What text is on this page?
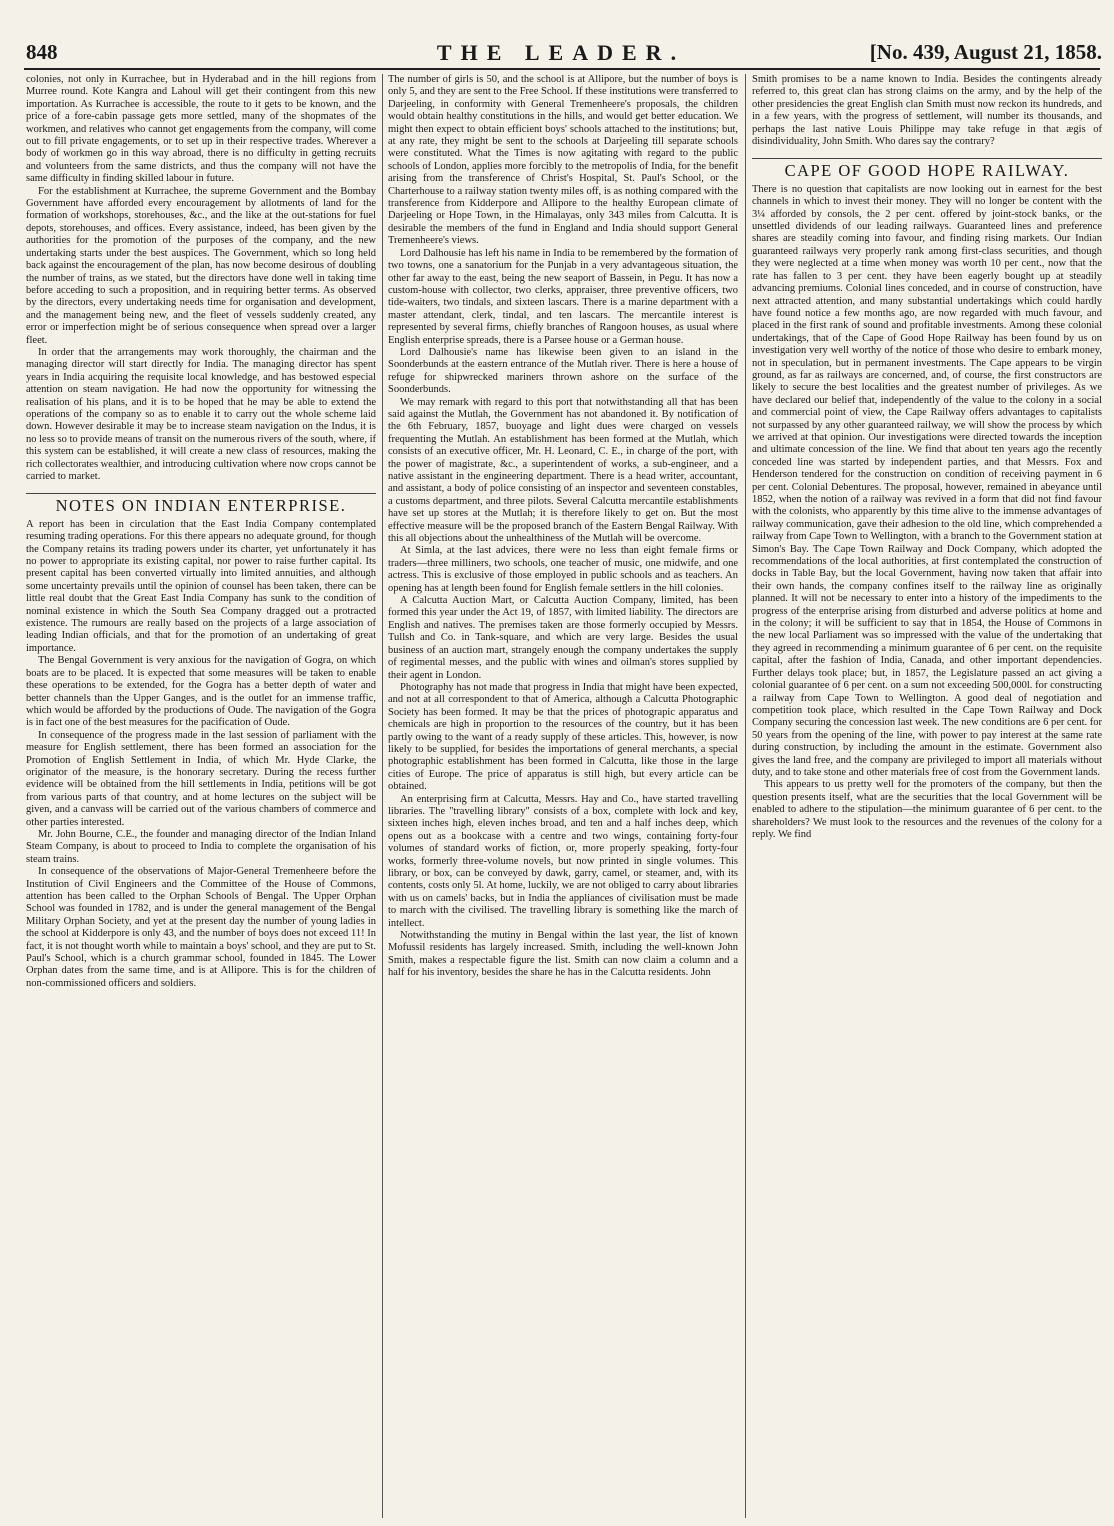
848	THE LEADER.	[No. 439, August 21, 1858.

colonies, not only in Kurrachee, but in Hyderabad and in the hill regions from Murree round. Kote Kangra and Lahoul will get their contingent from this new importation. As Kurrachee is accessible, the route to it gets to be known, and the price of a fore-cabin passage gets more settled, many of the shopmates of the workmen, and relatives who cannot get engagements from the company, will come out to fill private engagements, or to set up in their respective trades. Wherever a body of workmen go in this way abroad, there is no difficulty in getting recruits and volunteers from the same districts, and thus the company will not have the same difficulty in finding skilled labour in future.

For the establishment at Kurrachee, the supreme Government and the Bombay Government have afforded every encouragement by allotments of land for the formation of workshops, storehouses, &c., and the like at the out-stations for fuel depots, storehouses, and offices. Every assistance, indeed, has been given by the authorities for the promotion of the purposes of the company, and the new undertaking starts under the best auspices. The Government, which so long held back against the encouragement of the plan, has now become desirous of doubling the number of trains, as we stated, but the directors have done well in taking time before acceding to such a proposition, and in requiring better terms. As observed by the directors, every undertaking needs time for organisation and development, and the management being new, and the fleet of vessels suddenly created, any error or imperfection might be of serious consequence when spread over a larger fleet.

In order that the arrangements may work thoroughly, the chairman and the managing director will start directly for India. The managing director has spent years in India acquiring the requisite local knowledge, and has bestowed especial attention on steam navigation. He had now the opportunity for witnessing the realisation of his plans, and it is to be hoped that he may be able to extend the operations of the company so as to enable it to carry out the whole scheme laid down. However desirable it may be to increase steam navigation on the Indus, it is no less so to provide means of transit on the numerous rivers of the south, where, if this system can be established, it will create a new class of resources, making the rich collectorates wealthier, and introducing cultivation where now crops cannot be carried to market.

NOTES ON INDIAN ENTERPRISE.

A report has been in circulation that the East India Company contemplated resuming trading operations. For this there appears no adequate ground, for though the Company retains its trading powers under its charter, yet unfortunately it has no power to appropriate its existing capital, nor power to raise further capital. Its present capital has been converted virtually into limited annuities, and although some uncertainty prevails until the opinion of counsel has been taken, there can be little real doubt that the Great East India Company has sunk to the condition of nominal existence in which the South Sea Company dragged out a protracted existence. The rumours are really based on the projects of a large association of leading Indian officials, and that for the promotion of an undertaking of great importance.

The Bengal Government is very anxious for the navigation of Gogra, on which boats are to be placed. It is expected that some measures will be taken to enable these operations to be extended, for the Gogra has a better depth of water and better channels than the Upper Ganges, and is the outlet for an immense traffic, which would be afforded by the productions of Oude. The navigation of the Gogra is in fact one of the best measures for the pacification of Oude.

In consequence of the progress made in the last session of parliament with the measure for English settlement, there has been formed an association for the Promotion of English Settlement in India, of which Mr. Hyde Clarke, the originator of the measure, is the honorary secretary. During the recess further evidence will be obtained from the hill settlements in India, petitions will be got from various parts of that country, and at home lectures on the subject will be given, and a canvass will be carried out of the various chambers of commerce and other parties interested.

Mr. John Bourne, C.E., the founder and managing director of the Indian Inland Steam Company, is about to proceed to India to complete the organisation of his steam trains.

In consequence of the observations of Major-General Tremenheere before the Institution of Civil Engineers and the Committee of the House of Commons, attention has been called to the Orphan Schools of Bengal. The Upper Orphan School was founded in 1782, and is under the general management of the Bengal Military Orphan Society, and yet at the present day the number of young ladies in the school at Kidderpore is only 43, and the number of boys does not exceed 11! In fact, it is not thought worth while to maintain a boys' school, and they are put to St. Paul's School, which is a church grammar school, founded in 1845. The Lower Orphan dates from the same time, and is at Allipore. This is for the children of non-commissioned officers and soldiers.

The number of girls is 50, and the school is at Allipore, but the number of boys is only 5, and they are sent to the Free School. If these institutions were transferred to Darjeeling, in conformity with General Tremenheere's proposals, the children would obtain healthy constitutions in the hills, and would get better education. We might then expect to obtain efficient boys' schools attached to the institutions; but, at any rate, they might be sent to the schools at Darjeeling till separate schools were constituted. What the Times is now agitating with regard to the public schools of London, applies more forcibly to the metropolis of India, for the benefit arising from the transference of Christ's Hospital, St. Paul's School, or the Charterhouse to a railway station twenty miles off, is as nothing compared with the transference from Kidderpore and Allipore to the healthy European climate of Darjeeling or Hope Town, in the Himalayas, only 343 miles from Calcutta. It is desirable the members of the fund in England and India should support General Tremenheere's views.

Lord Dalhousie has left his name in India to be remembered by the formation of two towns, one a sanatorium for the Punjab in a very advantageous situation, the other far away to the east, being the new seaport of Bassein, in Pegu. It has now a custom-house with collector, two clerks, appraiser, three preventive officers, two tide-waiters, two tindals, and sixteen lascars. There is a marine department with a master attendant, clerk, tindal, and ten lascars. The mercantile interest is represented by several firms, chiefly branches of Rangoon houses, as usual where English enterprise spreads, there is a Parsee house or a German house.

Lord Dalhousie's name has likewise been given to an island in the Soonderbunds at the eastern entrance of the Mutlah river. There is here a house of refuge for shipwrecked mariners thrown ashore on the surface of the Soonderbunds.

We may remark with regard to this port that notwithstanding all that has been said against the Mutlah, the Government has not abandoned it. By notification of the 6th February, 1857, buoyage and light dues were charged on vessels frequenting the Mutlah. An establishment has been formed at the Mutlah, which consists of an executive officer, Mr. H. Leonard, C. E., in charge of the port, with the power of magistrate, &c., a superintendent of works, a sub-engineer, and a native assistant in the engineering department. There is a head writer, accountant, and assistant, a body of police consisting of an inspector and seventeen constables, a customs department, and three pilots. Several Calcutta mercantile establishments have set up stores at the Mutlah; it is therefore likely to get on. But the most effective measure will be the proposed branch of the Eastern Bengal Railway. With this all objections about the unhealthiness of the Mutlah will be overcome.

At Simla, at the last advices, there were no less than eight female firms or traders—three milliners, two schools, one teacher of music, one midwife, and one actress. This is exclusive of those employed in public schools and as teachers. An opening has at length been found for English female settlers in the hill colonies.

A Calcutta Auction Mart, or Calcutta Auction Company, limited, has been formed this year under the Act 19, of 1857, with limited liability. The directors are English and natives. The premises taken are those formerly occupied by Messrs. Tullsh and Co. in Tank-square, and which are very large. Besides the usual business of an auction mart, strangely enough the company undertakes the supply of regimental messes, and the public with wines and oilman's stores supplied by their agent in London.

Photography has not made that progress in India that might have been expected, and not at all correspondent to that of America, although a Calcutta Photographic Society has been formed. It may be that the prices of photograpic apparatus and chemicals are high in proportion to the resources of the country, but it has been partly owing to the want of a ready supply of these articles. This, however, is now likely to be supplied, for besides the importations of general merchants, a special photographic establishment has been formed in Calcutta, like those in the large cities of Europe. The price of apparatus is still high, but every article can be obtained.

An enterprising firm at Calcutta, Messrs. Hay and Co., have started travelling libraries. The "travelling library" consists of a box, complete with lock and key, sixteen inches high, eleven inches broad, and ten and a half inches deep, which opens out as a bookcase with a centre and two wings, containing forty-four volumes of standard works of fiction, or, more properly speaking, forty-four works, formerly three-volume novels, but now printed in single volumes. This library, or box, can be conveyed by dawk, garry, camel, or steamer, and, with its contents, costs only 5l. At home, luckily, we are not obliged to carry about libraries with us on camels' backs, but in India the appliances of civilisation must be made to march with the civilised. The travelling library is something like the march of intellect.

Notwithstanding the mutiny in Bengal within the last year, the list of known Mofussil residents has largely increased. Smith, including the well-known John Smith, makes a respectable figure the list. Smith can now claim a column and a half for his inventory, besides the share he has in the Calcutta residents. John

Smith promises to be a name known to India. Besides the contingents already referred to, this great clan has strong claims on the army, and by the help of the other presidencies the great English clan Smith must now reckon its hundreds, and in a few years, with the progress of settlement, will number its thousands, and perhaps the last native Louis Philippe may take refuge in that ægis of disindividuality, John Smith. Who dares say the contrary?

CAPE OF GOOD HOPE RAILWAY.

There is no question that capitalists are now looking out in earnest for the best channels in which to invest their money. They will no longer be content with the 3¼ afforded by consols, the 2 per cent. offered by joint-stock banks, or the unsettled dividends of our leading railways. Guaranteed lines and preference shares are steadily coming into favour, and finding rising markets. Our Indian guaranteed railways very properly rank among first-class securities, and though they were neglected at a time when money was worth 10 per cent., now that the rate has fallen to 3 per cent. they have been eagerly bought up at steadily advancing premiums. Colonial lines conceded, and in course of construction, have next attracted attention, and many substantial undertakings which could hardly have found notice a few months ago, are now regarded with much favour, and placed in the first rank of sound and profitable investments. Among these colonial undertakings, that of the Cape of Good Hope Railway has been found by us on investigation very well worthy of the notice of those who desire to embark money, not in speculation, but in permanent investments. The Cape appears to be virgin ground, as far as railways are concerned, and, of course, the first constructors are likely to secure the best localities and the greatest number of privileges. As we have declared our belief that, independently of the value to the colony in a social and commercial point of view, the Cape Railway offers advantages to capitalists not surpassed by any other guaranteed railway, we will show the process by which we arrived at that opinion. Our investigations were directed towards the inception and ultimate concession of the line. We find that about ten years ago the recently conceded line was started by independent parties, and that Messrs. Fox and Henderson tendered for the construction on condition of receiving payment in 6 per cent. Colonial Debentures. The proposal, however, remained in abeyance until 1852, when the notion of a railway was revived in a form that did not find favour with the colonists, who apparently by this time alive to the immense advantages of railway communication, gave their adhesion to the old line, which comprehended a railway from Cape Town to Wellington, with a branch to the Government station at Simon's Bay. The Cape Town Railway and Dock Company, which adopted the recommendations of the local authorities, at first contemplated the construction of docks in Table Bay, but the local Government, having now taken that affair into their own hands, the company confines itself to the railway line as originally planned. It will not be necessary to enter into a history of the impediments to the progress of the enterprise arising from disturbed and adverse politics at home and in the colony; it will be sufficient to say that in 1854, the House of Commons in the new local Parliament was so impressed with the value of the undertaking that they agreed in recommending a minimum guarantee of 6 per cent. on the requisite capital, after the fashion of India, Canada, and other important dependencies. Further delays took place; but, in 1857, the Legislature passed an act giving a colonial guarantee of 6 per cent. on a sum not exceeding 500,000l. for constructing a railway from Cape Town to Wellington. A good deal of negotiation and competition took place, which resulted in the Cape Town Railway and Dock Company securing the concession last week. The new conditions are 6 per cent. for 50 years from the opening of the line, with power to pay interest at the same rate during construction, by including the amount in the estimate. Government also gives the land free, and the company are privileged to import all materials without duty, and to take stone and other materials free of cost from the Government lands.

This appears to us pretty well for the promoters of the company, but then the question presents itself, what are the securities that the local Government will be enabled to adhere to the stipulation—the minimum guarantee of 6 per cent. to the shareholders? We must look to the resources and the revenues of the colony for a reply. We find
